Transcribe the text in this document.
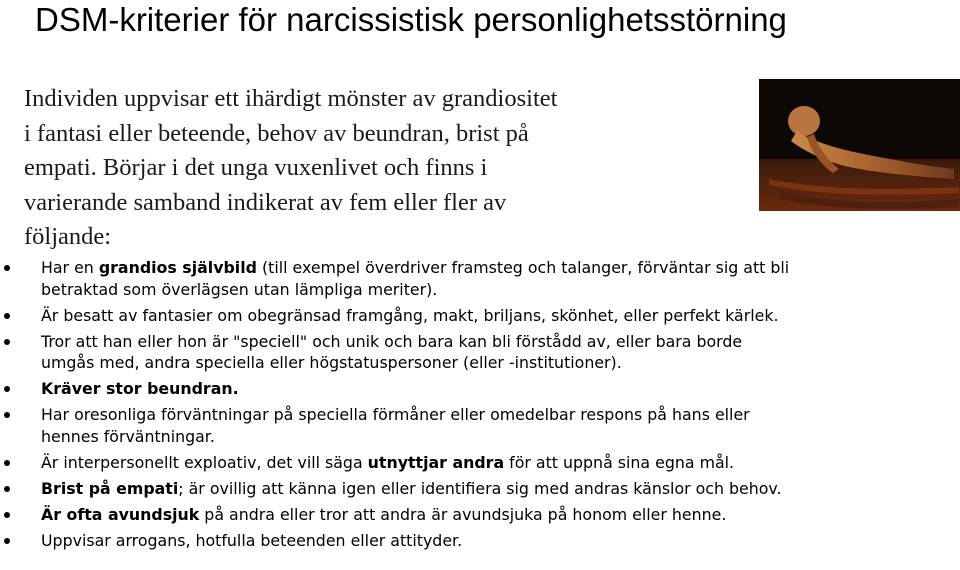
DSM-kriterier för narcissistisk personlighetsstörning
Individen uppvisar ett ihärdigt mönster av grandiositet
i fantasi eller beteende, behov av beundran, brist på
empati. Börjar i det unga vuxenlivet och finns i
varierande samband indikerat av fem eller fler av
följande:
Har en grandios självbild (till exempel överdriver framsteg och talanger, förväntar sig att bli
betraktad som överlägsen utan lämpliga meriter).
Är besatt av fantasier om obegränsad framgång, makt, briljans, skönhet, eller perfekt kärlek.
Tror att han eller hon är "speciell" och unik och bara kan bli förstådd av, eller bara borde
umgås med, andra speciella eller högstatuspersoner (eller -institutioner).
Kräver stor beundran.
Har oresonliga förväntningar på speciella förmåner eller omedelbar respons på hans eller
hennes förväntningar.
Är interpersonellt exploativ, det vill säga utnyttjar andra för att uppnå sina egna mål.
Brist på empati; är ovillig att känna igen eller identifiera sig med andras känslor och behov.
Är ofta avundsjuk på andra eller tror att andra är avundsjuka på honom eller henne.
Uppvisar arrogans, hotfulla beteenden eller attityder.
